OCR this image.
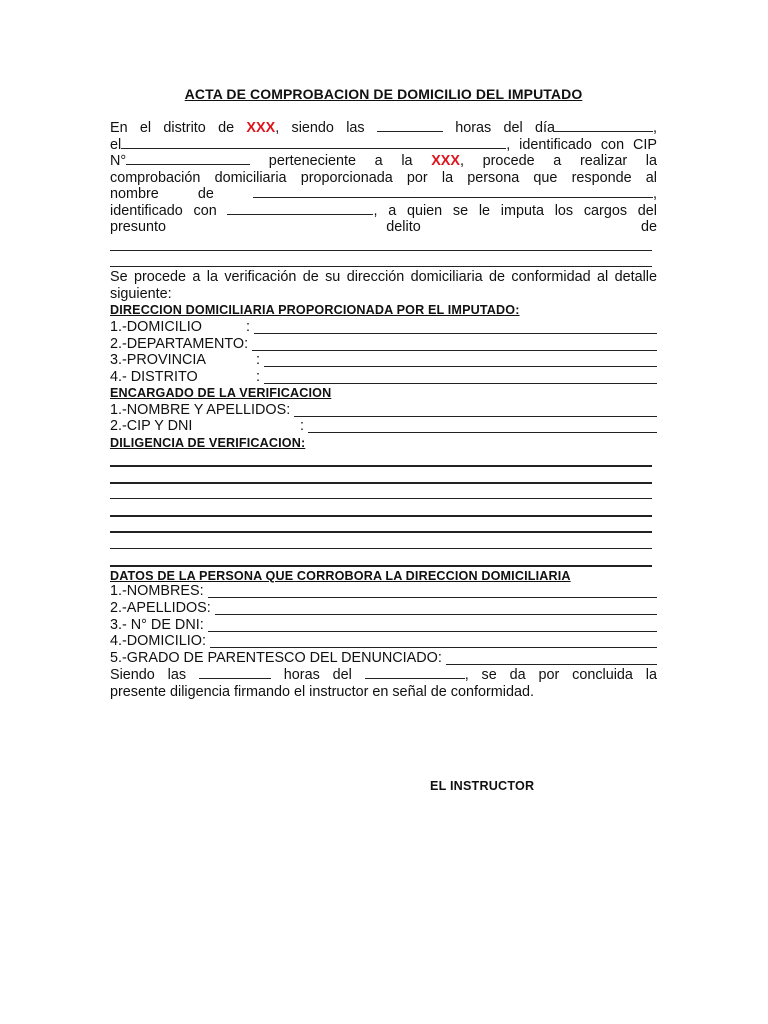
ACTA DE COMPROBACION DE DOMICILIO DEL IMPUTADO
En el distrito de XXX, siendo las	horas del día	,
el	, identificado con CIP
N°	perteneciente a la XXX, procede a realizar la
comprobación domiciliaria proporcionada por la persona que responde al
nombre de	,
identificado con	, a quien se le imputa los cargos del
presunto delito de
Se procede a la verificación de su dirección domiciliaria de conformidad al detalle siguiente:
DIRECCION DOMICILIARIA PROPORCIONADA POR EL IMPUTADO:
1.-DOMICILIO	:
2.-DEPARTAMENTO :
3.-PROVINCIA	:
4.- DISTRITO	:
ENCARGADO DE LA VERIFICACION
1.-NOMBRE Y APELLIDOS :
2.-CIP Y DNI	:
DILIGENCIA DE VERIFICACION:
DATOS DE LA PERSONA QUE CORROBORA LA DIRECCION DOMICILIARIA
1.-NOMBRES :
2.-APELLIDOS :
3.- N° DE DNI :
4.-DOMICILIO :
5.-GRADO DE PARENTESCO DEL DENUNCIADO :
Siendo las	horas del	, se da por concluida la
presente diligencia firmando el instructor en señal de conformidad.
EL INSTRUCTOR
